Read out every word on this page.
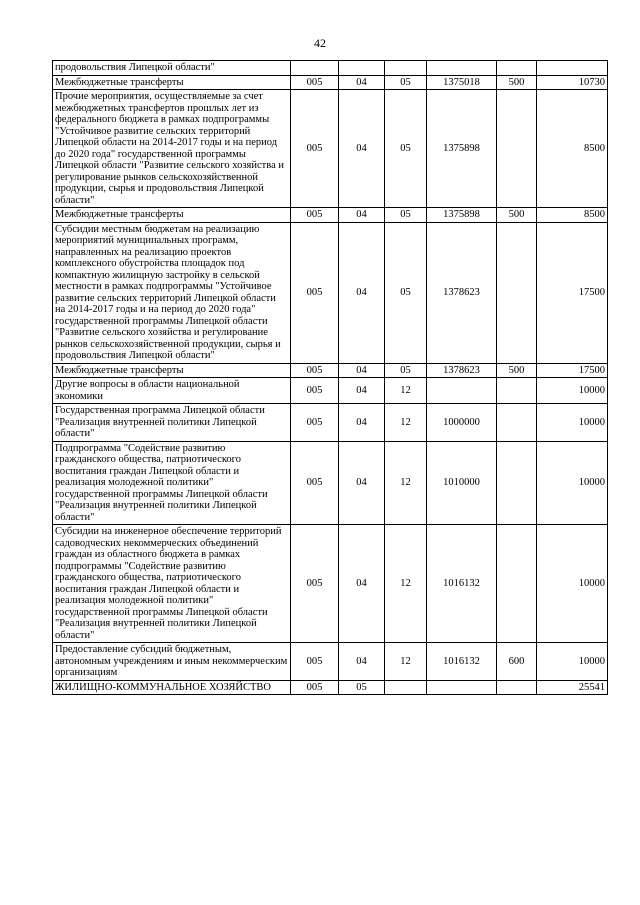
42
продовольствия Липецкой области"						
Межбюджетные трансферты	005	04	05	1375018	500	10730
Прочие мероприятия, осуществляемые за счет межбюджетных трансфертов прошлых лет из федерального бюджета в рамках подпрограммы "Устойчивое развитие сельских территорий Липецкой области на 2014-2017 годы и на период до 2020 года" государственной программы Липецкой области "Развитие сельского хозяйства и регулирование рынков сельскохозяйственной продукции, сырья и продовольствия Липецкой области"	005	04	05	1375898		8500
Межбюджетные трансферты	005	04	05	1375898	500	8500
Субсидии местным бюджетам на реализацию мероприятий муниципальных программ, направленных на реализацию проектов комплексного обустройства площадок под компактную жилищную застройку в сельской местности в рамках подпрограммы "Устойчивое развитие сельских территорий Липецкой области на 2014-2017 годы и на период до 2020 года" государственной программы Липецкой области "Развитие сельского хозяйства и регулирование рынков сельскохозяйственной продукции, сырья и продовольствия Липецкой области"	005	04	05	1378623		17500
Межбюджетные трансферты	005	04	05	1378623	500	17500
Другие вопросы в области национальной экономики	005	04	12			10000
Государственная программа Липецкой области "Реализация внутренней политики Липецкой области"	005	04	12	1000000		10000
Подпрограмма "Содействие развитию гражданского общества, патриотического воспитания граждан Липецкой области и реализация молодежной политики" государственной программы Липецкой области "Реализация внутренней политики Липецкой области"	005	04	12	1010000		10000
Субсидии на инженерное обеспечение территорий садоводческих некоммерческих объединений граждан из областного бюджета в рамках подпрограммы "Содействие развитию гражданского общества, патриотического воспитания граждан Липецкой области и реализация молодежной политики" государственной программы Липецкой области "Реализация внутренней политики Липецкой области"	005	04	12	1016132		10000
Предоставление субсидий бюджетным, автономным учреждениям и иным некоммерческим организациям	005	04	12	1016132	600	10000
ЖИЛИЩНО-КОММУНАЛЬНОЕ ХОЗЯЙСТВО	005	05				25541
